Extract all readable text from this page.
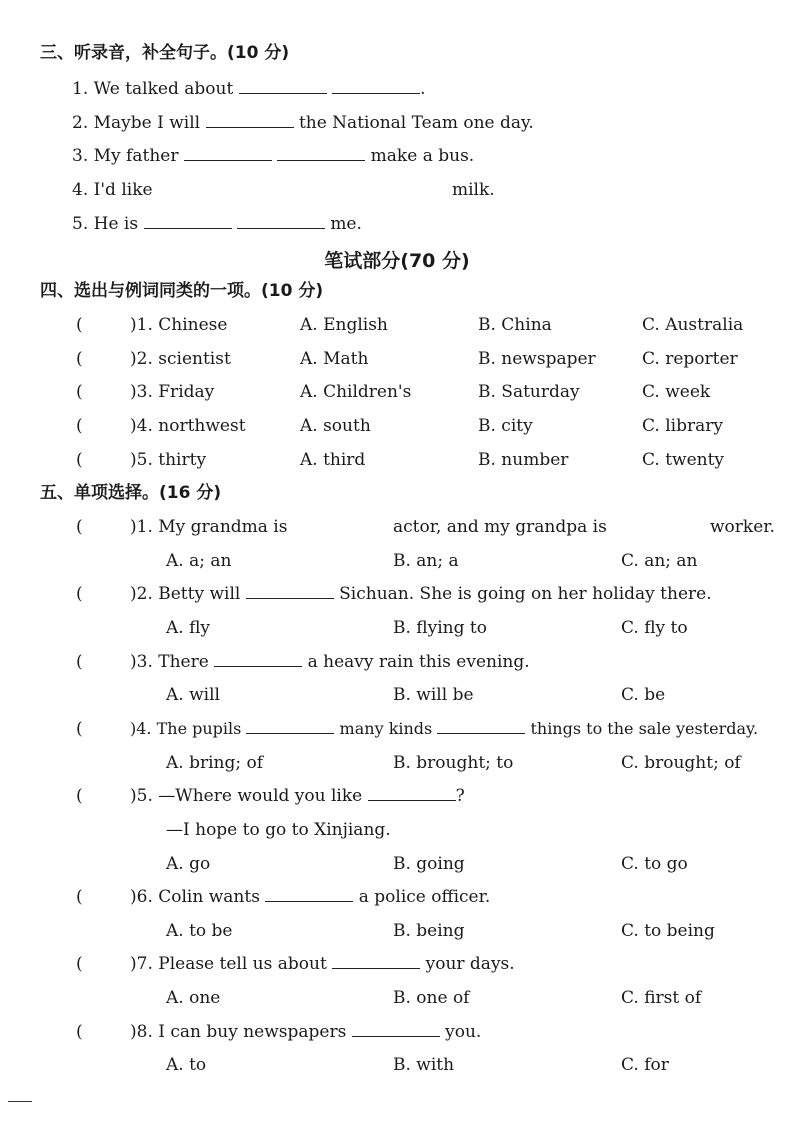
三、听录音，补全句子。(10 分)
1. We talked about	.
2. Maybe I will	the National Team one day.
3. My father	make a bus.
4. I'd like	milk.
5. He is	me.
笔试部分(70 分)
四、选出与例词同类的一项。(10 分)
(	)1. Chinese	A. English	B. China	C. Australia
(	)2. scientist	A. Math	B. newspaper	C. reporter
(	)3. Friday	A. Children's	B. Saturday	C. week
(	)4. northwest	A. south	B. city	C. library
(	)5. thirty	A. third	B. number	C. twenty
五、单项选择。(16 分)
(	)1. My grandma is	actor, and my grandpa is	worker.
A. a; an	B. an; a	C. an; an
(	)2. Betty will	Sichuan. She is going on her holiday there.
A. fly	B. flying to	C. fly to
(	)3. There	a heavy rain this evening.
A. will	B. will be	C. be
(	)4. The pupils	many kinds	things to the sale yesterday.
A. bring; of	B. brought; to	C. brought; of
(	)5. —Where would you like	?
—I hope to go to Xinjiang.
A. go	B. going	C. to go
(	)6. Colin wants	a police officer.
A. to be	B. being	C. to being
(	)7. Please tell us about	your days.
A. one	B. one of	C. first of
(	)8. I can buy newspapers	you.
A. to	B. with	C. for
